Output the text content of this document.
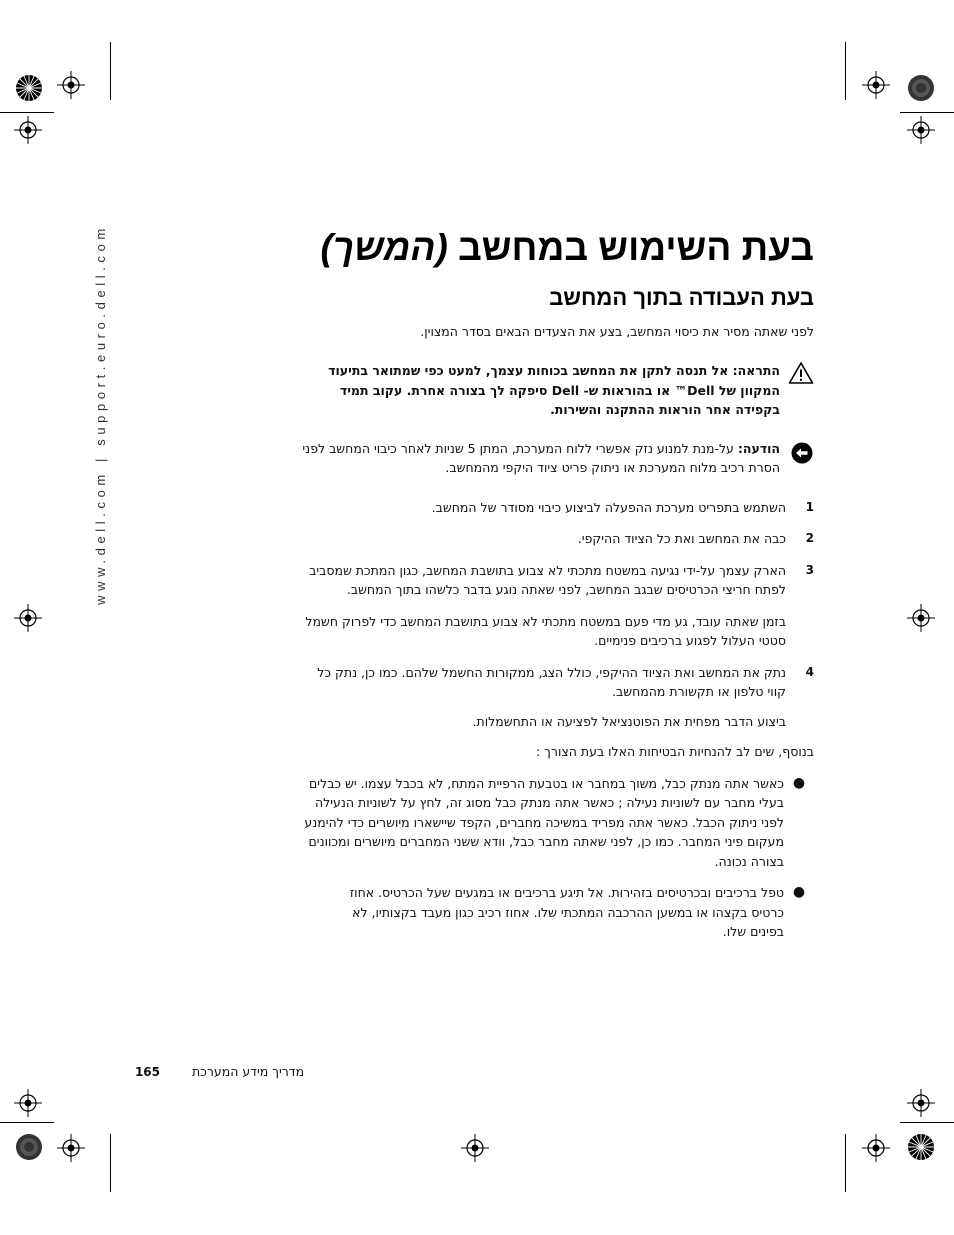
www.dell.com | support.euro.dell.com	בעת השימוש במחשב (המשך)
בעת העבודה בתוך המחשב

לפני שאתה מסיר את כיסוי המחשב, בצע את הצעדים הבאים בסדר המצוין.

התראה: אל תנסה לתקן את המחשב בכוחות עצמך, למעט כפי שמתואר בתיעוד המקוון של Dell™ או בהוראות ש- Dell סיפקה לך בצורה אחרת. עקוב תמיד בקפידה אחר הוראות ההתקנה והשירות.

הודעה: על-מנת למנוע נזק אפשרי ללוח המערכת, המתן 5 שניות לאחר כיבוי המחשב לפני הסרת רכיב מלוח המערכת או ניתוק פריט ציוד היקפי מהמחשב.

1

השתמש בתפריט מערכת ההפעלה לביצוע כיבוי מסודר של המחשב.

2

כבה את המחשב ואת כל הציוד ההיקפי.

3

הארק עצמך על-ידי נגיעה במשטח מתכתי לא צבוע בתושבת המחשב, כגון המתכת שמסביב לפתח חריצי הכרטיסים שבגב המחשב, לפני שאתה נוגע בדבר כלשהו בתוך המחשב.

בזמן שאתה עובד, גע מדי פעם במשטח מתכתי לא צבוע בתושבת המחשב כדי לפרוק חשמל סטטי העלול לפגוע ברכיבים פנימיים.

4

נתק את המחשב ואת הציוד ההיקפי, כולל הצג, ממקורות החשמל שלהם. כמו כן, נתק כל קווי טלפון או תקשורת מהמחשב.

ביצוע הדבר מפחית את הפוטנציאל לפציעה או התחשמלות.

בנוסף, שים לב להנחיות הבטיחות האלו בעת הצורך :

●

כאשר אתה מנתק כבל, משוך במחבר או בטבעת הרפיית המתח, לא בכבל עצמו. יש כבלים בעלי מחבר עם לשוניות נעילה ; כאשר אתה מנתק כבל מסוג זה, לחץ על לשוניות הנעילה לפני ניתוק הכבל. כאשר אתה מפריד במשיכה מחברים, הקפד שיישארו מיושרים כדי להימנע מעקום פיני המחבר. כמו כן, לפני שאתה מחבר כבל, וודא ששני המחברים מיושרים ומכוונים בצורה נכונה.

●

טפל ברכיבים ובכרטיסים בזהירות. אל תיגע ברכיבים או במגעים שעל הכרטיס. אחוז כרטיס בקצהו או במשען ההרכבה המתכתי שלו. אחוז רכיב כגון מעבד בקצותיו, לא בפינים שלו.

165	מדריך מידע המערכת
